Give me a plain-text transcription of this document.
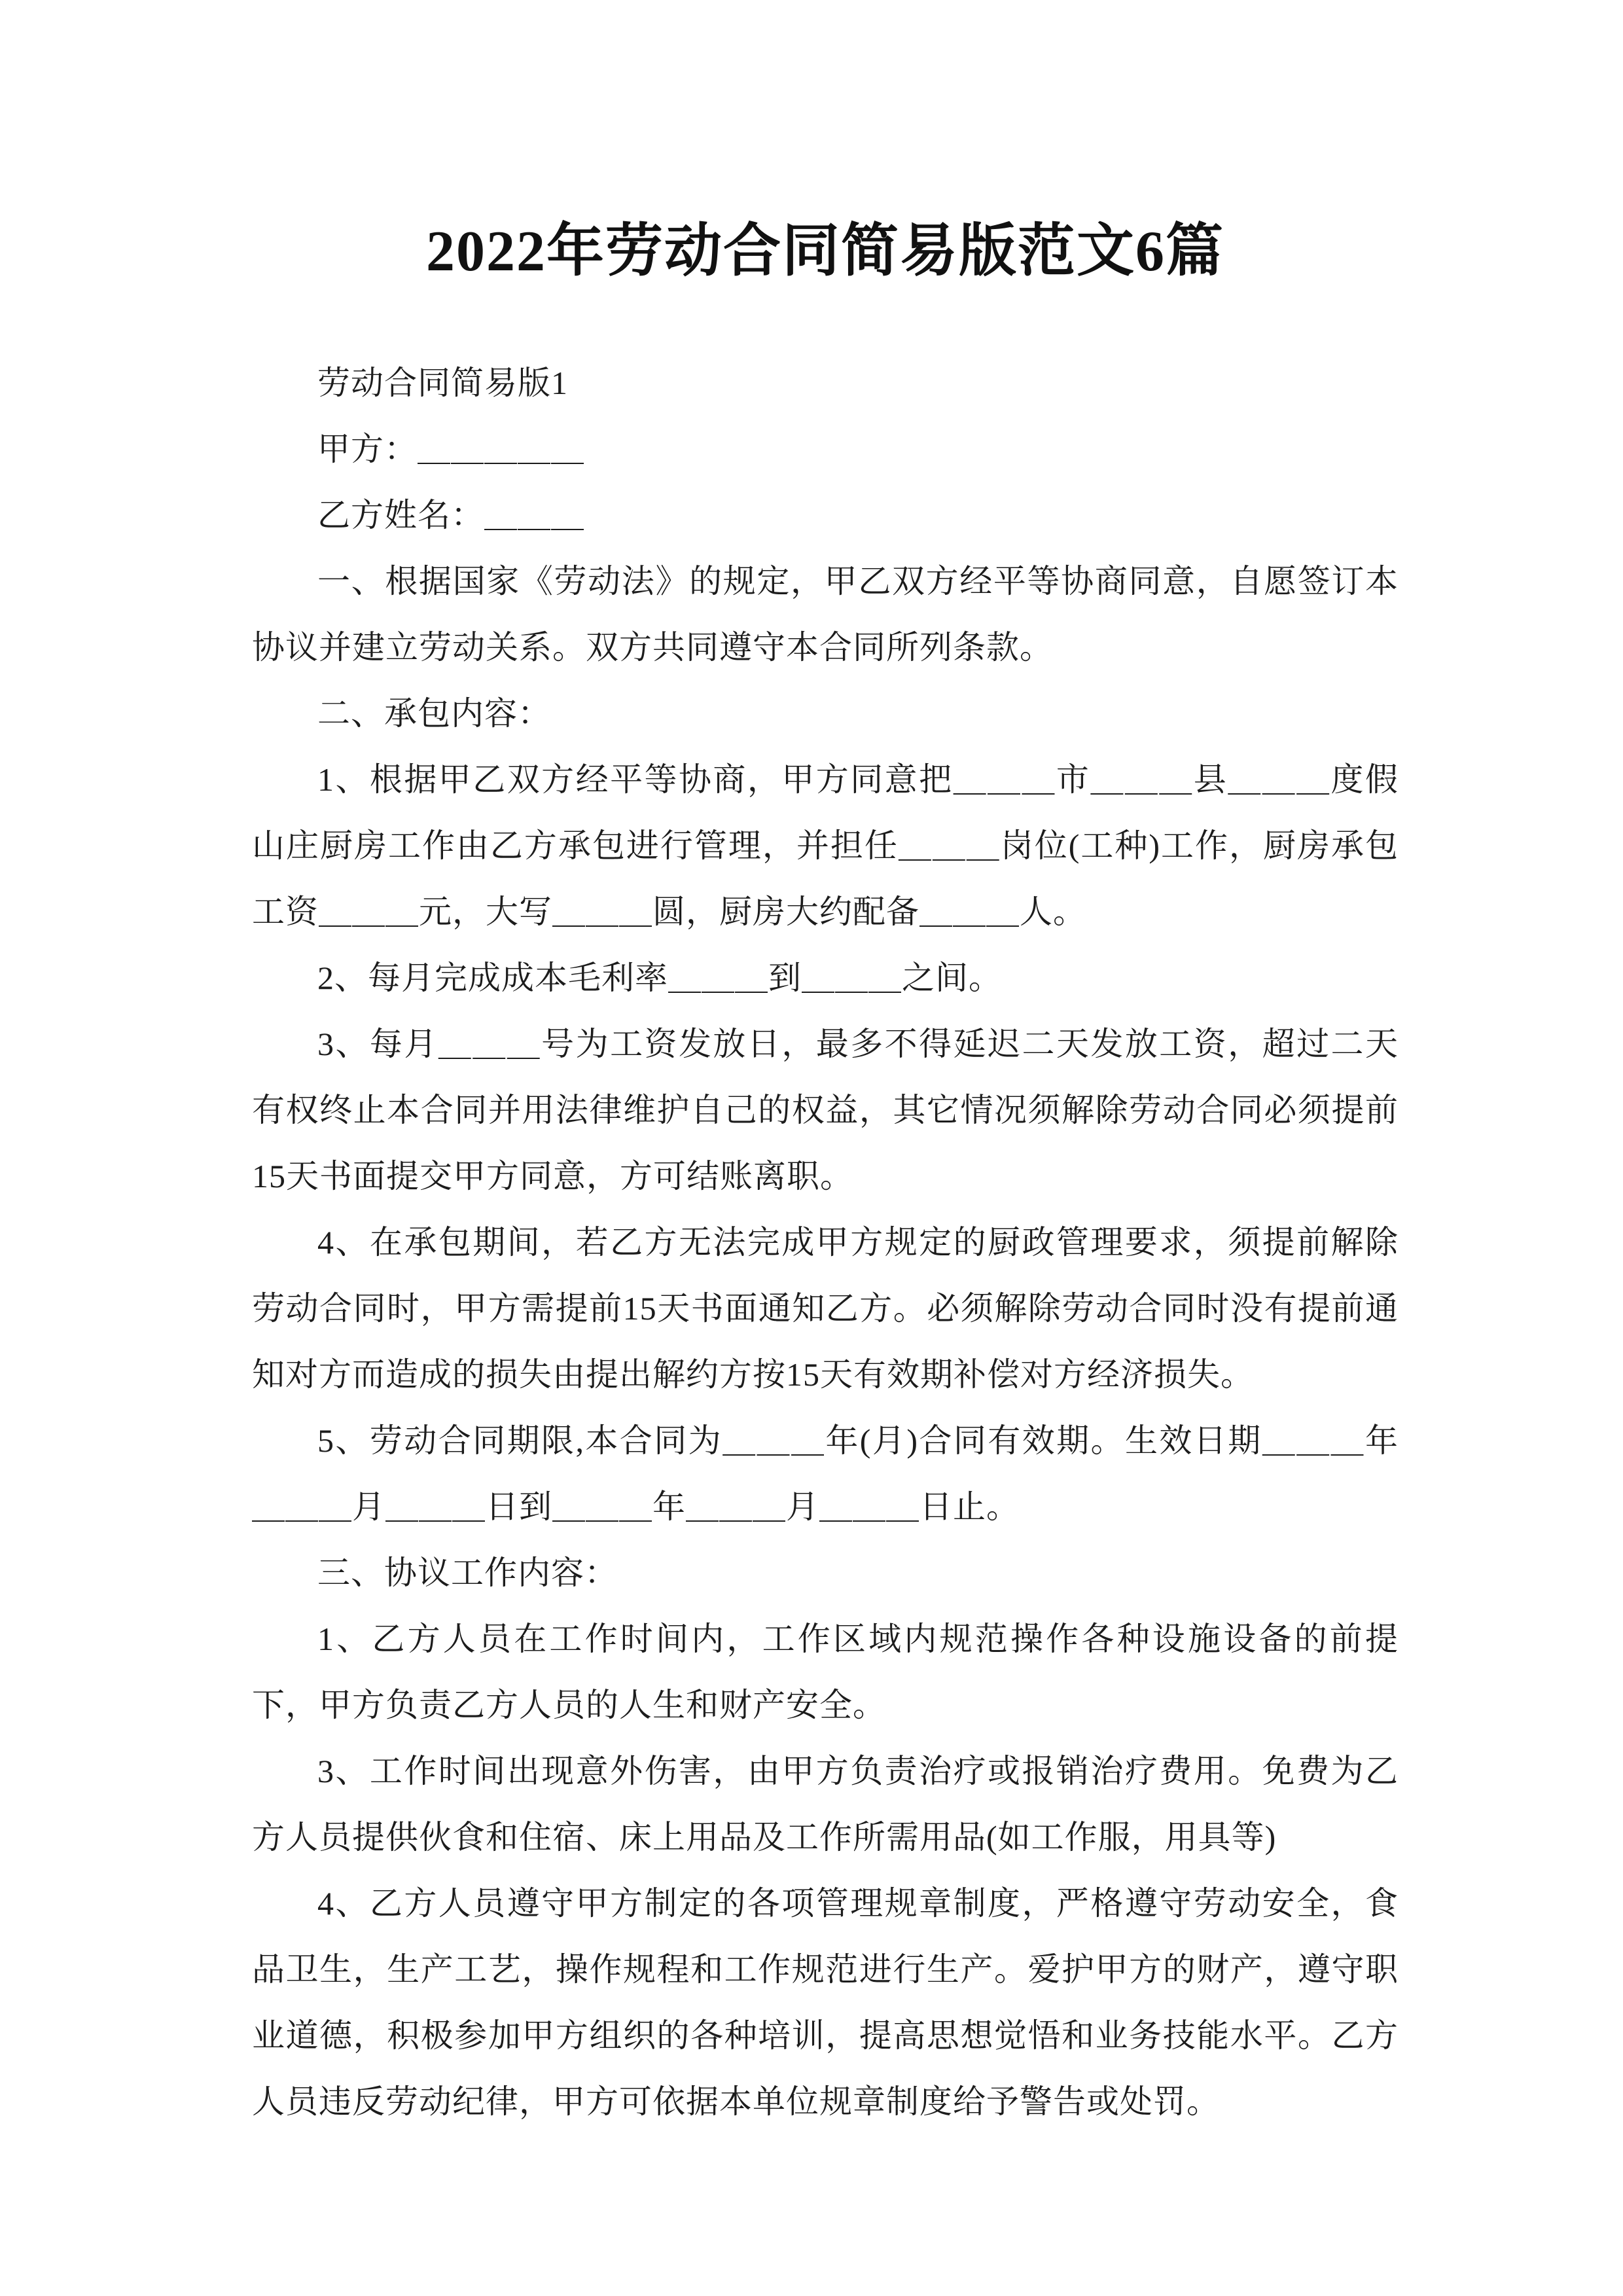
2022年劳动合同简易版范文6篇

劳动合同简易版1

甲方：＿＿＿＿＿

乙方姓名：＿＿＿

一、根据国家《劳动法》的规定，甲乙双方经平等协商同意，自愿签订本协议并建立劳动关系。双方共同遵守本合同所列条款。

二、承包内容：

1、根据甲乙双方经平等协商，甲方同意把＿＿＿市＿＿＿县＿＿＿度假山庄厨房工作由乙方承包进行管理，并担任＿＿＿岗位(工种)工作，厨房承包工资＿＿＿元，大写＿＿＿圆，厨房大约配备＿＿＿人。

2、每月完成成本毛利率＿＿＿到＿＿＿之间。

3、每月＿＿＿号为工资发放日，最多不得延迟二天发放工资，超过二天有权终止本合同并用法律维护自己的权益，其它情况须解除劳动合同必须提前15天书面提交甲方同意，方可结账离职。

4、在承包期间，若乙方无法完成甲方规定的厨政管理要求，须提前解除劳动合同时，甲方需提前15天书面通知乙方。必须解除劳动合同时没有提前通知对方而造成的损失由提出解约方按15天有效期补偿对方经济损失。

5、劳动合同期限,本合同为＿＿＿年(月)合同有效期。生效日期＿＿＿年＿＿＿月＿＿＿日到＿＿＿年＿＿＿月＿＿＿日止。

三、协议工作内容：

1、乙方人员在工作时间内，工作区域内规范操作各种设施设备的前提下，甲方负责乙方人员的人生和财产安全。

3、工作时间出现意外伤害，由甲方负责治疗或报销治疗费用。免费为乙方人员提供伙食和住宿、床上用品及工作所需用品(如工作服，用具等)

4、乙方人员遵守甲方制定的各项管理规章制度，严格遵守劳动安全，食品卫生，生产工艺，操作规程和工作规范进行生产。爱护甲方的财产，遵守职业道德，积极参加甲方组织的各种培训，提高思想觉悟和业务技能水平。乙方人员违反劳动纪律，甲方可依据本单位规章制度给予警告或处罚。
